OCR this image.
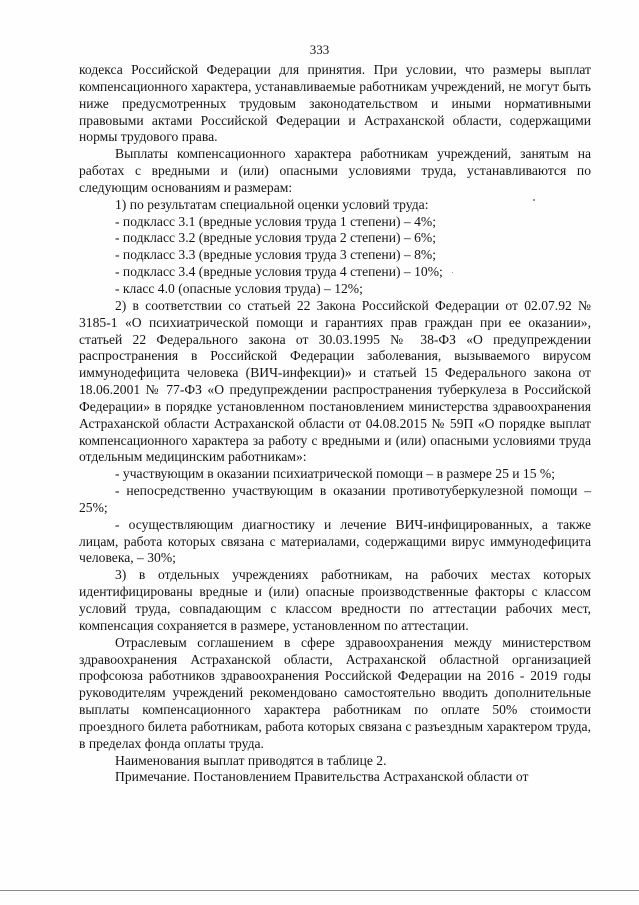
333

кодекса Российской Федерации для принятия. При условии, что размеры выплат компенсационного характера, устанавливаемые работникам учреждений, не могут быть ниже предусмотренных трудовым законодательством и иными нормативными правовыми актами Российской Федерации и Астраханской области, содержащими нормы трудового права.

Выплаты компенсационного характера работникам учреждений, занятым на работах с вредными и (или) опасными условиями труда, устанавливаются по следующим основаниям и размерам:

1) по результатам специальной оценки условий труда:

- подкласс 3.1 (вредные условия труда 1 степени) – 4%;

- подкласс 3.2 (вредные условия труда 2 степени) – 6%;

- подкласс 3.3 (вредные условия труда 3 степени) – 8%;

- подкласс 3.4 (вредные условия труда 4 степени) – 10%;

- класс 4.0 (опасные условия труда) – 12%;

2) в соответствии со статьей 22 Закона Российской Федерации от 02.07.92 № 3185-1 «О психиатрической помощи и гарантиях прав граждан при ее оказании», статьей 22 Федерального закона от 30.03.1995 № 38-ФЗ «О предупреждении распространения в Российской Федерации заболевания, вызываемого вирусом иммунодефицита человека (ВИЧ-инфекции)» и статьей 15 Федерального закона от 18.06.2001 № 77-ФЗ «О предупреждении распространения туберкулеза в Российской Федерации» в порядке установленном постановлением министерства здравоохранения Астраханской области Астраханской области от 04.08.2015 № 59П «О порядке выплат компенсационного характера за работу с вредными и (или) опасными условиями труда отдельным медицинским работникам»:

- участвующим в оказании психиатрической помощи – в размере 25 и 15 %;

- непосредственно участвующим в оказании противотуберкулезной помощи – 25%;

- осуществляющим диагностику и лечение ВИЧ-инфицированных, а также лицам, работа которых связана с материалами, содержащими вирус иммунодефицита человека, – 30%;

3) в отдельных учреждениях работникам, на рабочих местах которых идентифицированы вредные и (или) опасные производственные факторы с классом условий труда, совпадающим с классом вредности по аттестации рабочих мест, компенсация сохраняется в размере, установленном по аттестации.

Отраслевым соглашением в сфере здравоохранения между министерством здравоохранения Астраханской области, Астраханской областной организацией профсоюза работников здравоохранения Российской Федерации на 2016 - 2019 годы руководителям учреждений рекомендовано самостоятельно вводить дополнительные выплаты компенсационного характера работникам по оплате 50% стоимости проездного билета работникам, работа которых связана с разъездным характером труда, в пределах фонда оплаты труда.

Наименования выплат приводятся в таблице 2.

Примечание. Постановлением Правительства Астраханской области от
